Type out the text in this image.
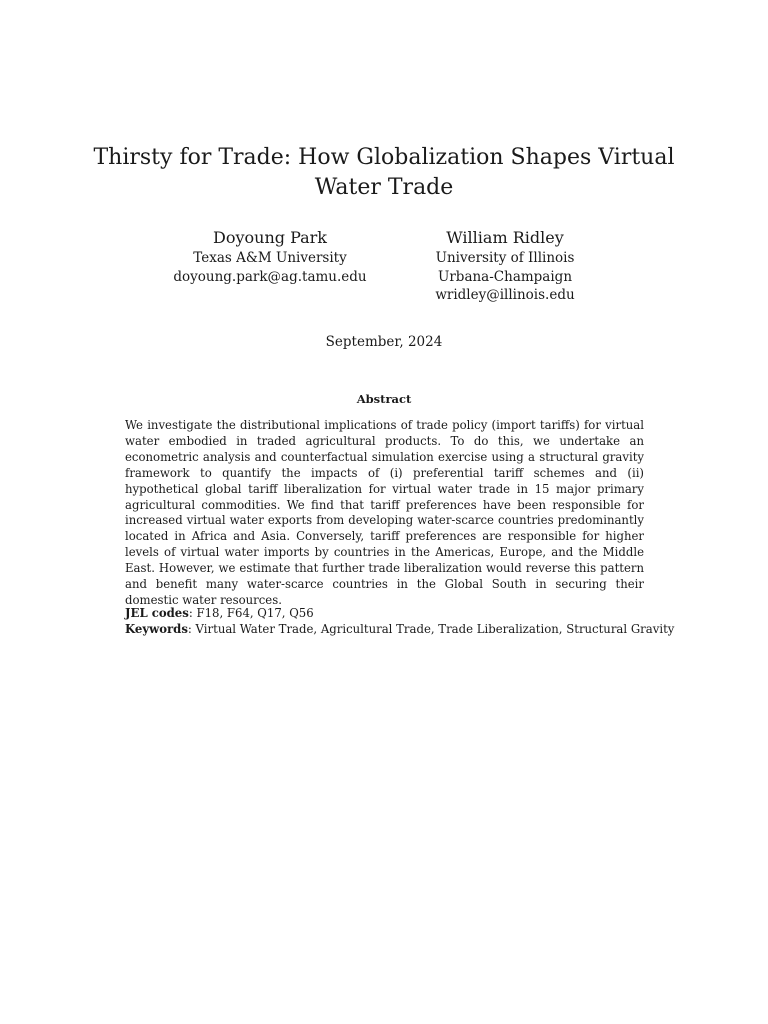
Thirsty for Trade: How Globalization Shapes Virtual Water Trade
Doyoung Park
Texas A&M University
doyoung.park@ag.tamu.edu
William Ridley
University of Illinois
Urbana-Champaign
wridley@illinois.edu
September, 2024
Abstract
We investigate the distributional implications of trade policy (import tariffs) for virtual water embodied in traded agricultural products. To do this, we undertake an econometric analysis and counterfactual simulation exercise using a structural gravity framework to quantify the impacts of (i) preferential tariff schemes and (ii) hypothetical global tariff liberalization for virtual water trade in 15 major primary agricultural commodities. We find that tariff preferences have been responsible for increased virtual water exports from developing water-scarce countries predominantly located in Africa and Asia. Conversely, tariff preferences are responsible for higher levels of virtual water imports by countries in the Americas, Europe, and the Middle East. However, we estimate that further trade liberalization would reverse this pattern and benefit many water-scarce countries in the Global South in securing their domestic water resources.
JEL codes: F18, F64, Q17, Q56
Keywords: Virtual Water Trade, Agricultural Trade, Trade Liberalization, Structural Gravity
